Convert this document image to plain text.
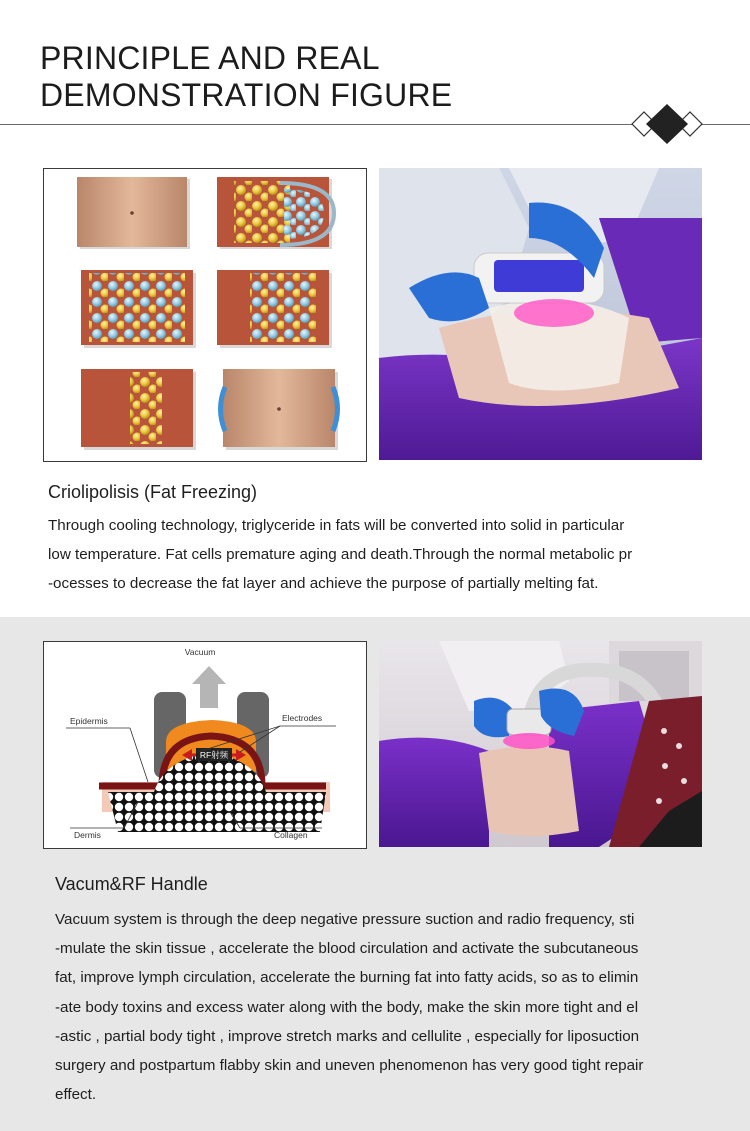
PRINCIPLE AND REAL
DEMONSTRATION FIGURE
Criolipolisis (Fat Freezing)
Through cooling technology, triglyceride in fats will be converted into solid in particular
low temperature. Fat cells premature aging and death.Through the normal metabolic pr
-ocesses to decrease the fat layer and achieve the purpose of partially melting fat.
Vacuum
RF射频
Epidermis	Electrodes
Dermis	Collagen
Vacum&RF Handle
Vacuum system is through the deep negative pressure suction and radio frequency, sti
-mulate the skin tissue , accelerate the blood circulation and activate the subcutaneous
fat, improve lymph circulation, accelerate the burning fat into fatty acids, so as to elimin
-ate body toxins and excess water along with the body, make the skin more tight and el
-astic , partial body tight , improve stretch marks and cellulite , especially for liposuction
surgery and postpartum flabby skin and uneven phenomenon has very good tight repair
effect.
